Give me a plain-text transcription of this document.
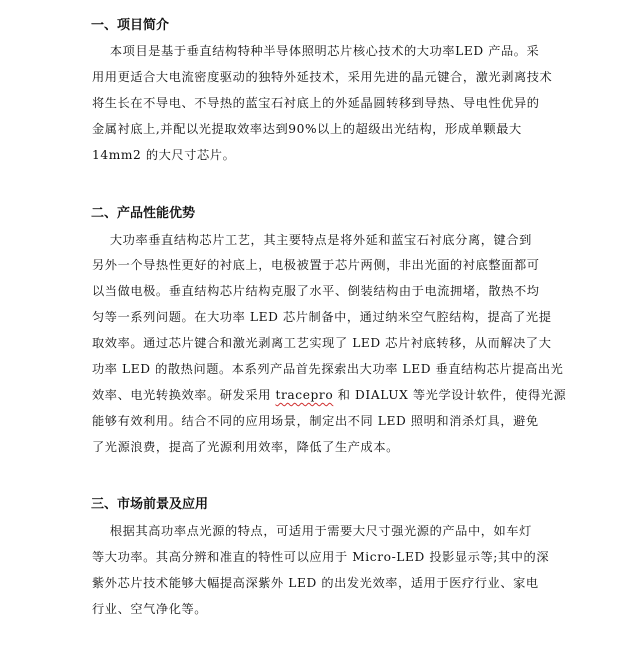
一、项目简介
本项目是基于垂直结构特种半导体照明芯片核心技术的大功率LED 产品。采
用用更适合大电流密度驱动的独特外延技术，采用先进的晶元键合，激光剥离技术
将生长在不导电、不导热的蓝宝石衬底上的外延晶圆转移到导热、导电性优异的
金属衬底上,并配以光提取效率达到90%以上的超级出光结构，形成单颗最大
14mm2 的大尺寸芯片。
二、产品性能优势
大功率垂直结构芯片工艺，其主要特点是将外延和蓝宝石衬底分离，键合到
另外一个导热性更好的衬底上，电极被置于芯片两侧，非出光面的衬底整面都可
以当做电极。垂直结构芯片结构克服了水平、倒装结构由于电流拥堵，散热不均
匀等一系列问题。在大功率 LED 芯片制备中，通过纳米空气腔结构，提高了光提
取效率。通过芯片键合和激光剥离工艺实现了 LED 芯片衬底转移，从而解决了大
功率 LED 的散热问题。本系列产品首先探索出大功率 LED 垂直结构芯片提高出光
效率、电光转换效率。研发采用 tracepro 和 DIALUX 等光学设计软件，使得光源
能够有效利用。结合不同的应用场景，制定出不同 LED 照明和消杀灯具，避免
了光源浪费，提高了光源利用效率，降低了生产成本。
三、市场前景及应用
根据其高功率点光源的特点，可适用于需要大尺寸强光源的产品中，如车灯
等大功率。其高分辨和准直的特性可以应用于 Micro-LED 投影显示等;其中的深
紫外芯片技术能够大幅提高深紫外 LED 的出发光效率，适用于医疗行业、家电
行业、空气净化等。
